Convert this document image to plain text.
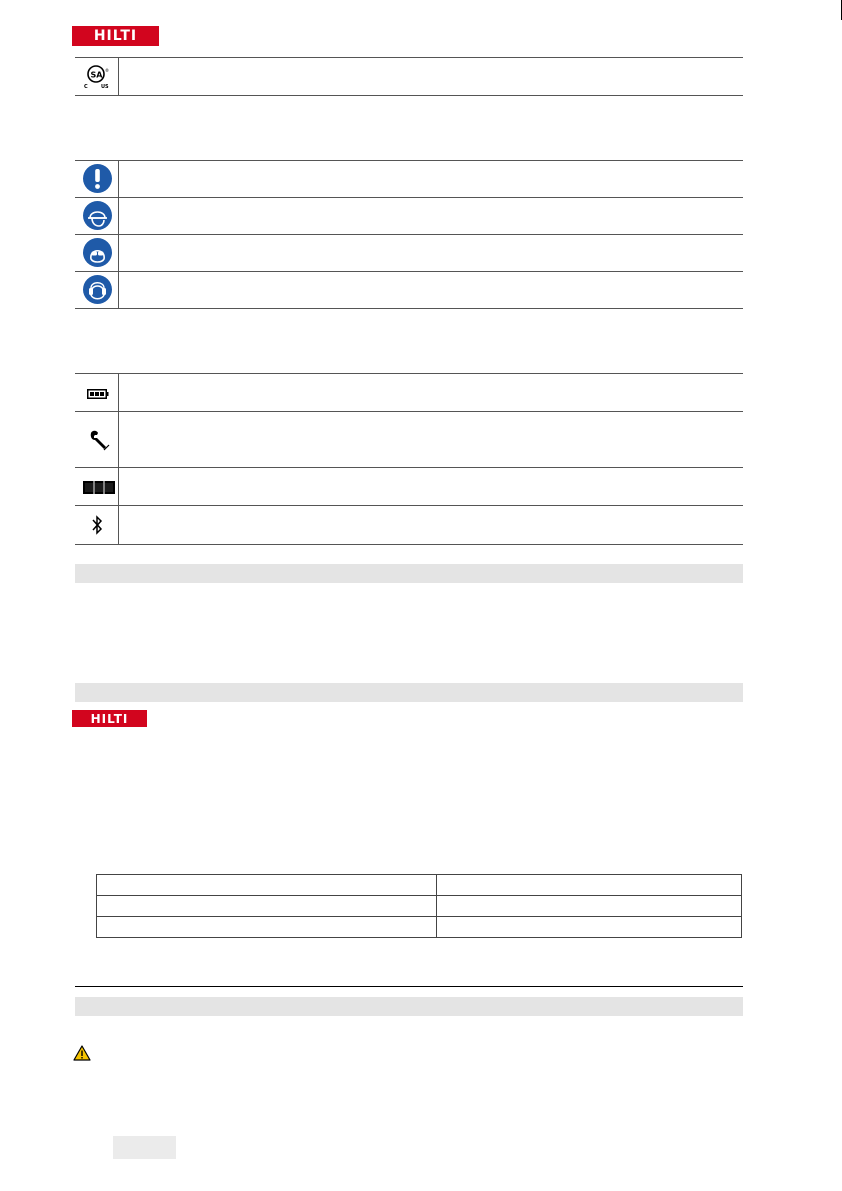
HILTI
SA ®
C	US
HILTI
